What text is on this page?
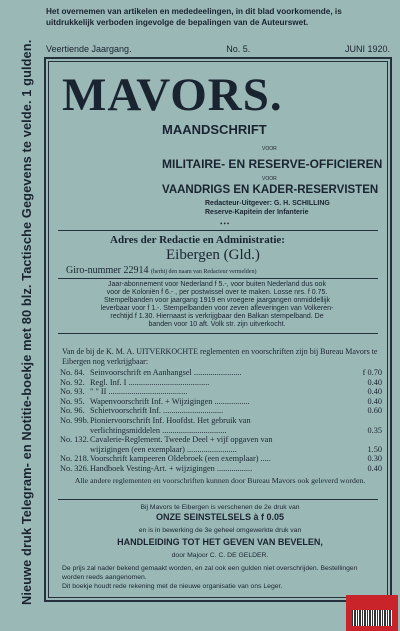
Het overnemen van artikelen en mededeelingen, in dit blad voorkomende, is uitdrukkelijk verboden ingevolge de bepalingen van de Auteurswet.
Veertiende Jaargang.	No. 5.	JUNI 1920.
Nieuwe druk Telegram- en Notitie-boekje met 80 blz. Tactische Gegevens te velde. 1 gulden. MAVORS.
MAANDSCHRIFT
VOOR
MILITAIRE- EN RESERVE-OFFICIEREN
VOOR
VAANDRIGS EN KADER-RESERVISTEN
Redacteur-Uitgever: G. H. SCHILLING
Reserve-Kapitein der Infanterie
•••
Adres der Redactie en Administratie:
Eibergen (Gld.)
Giro-nummer 22914 (herhij den naam van Redacteur vermelden)
Jaar-abonnement voor Nederland f 5.-, voor buiten Nederland dus ook
voor de Koloniën f 6.- , per postwissel over te maken. Losse nrs. f 0.75.
Stempelbanden voor jaargang 1919 en vroegere jaargangen onmiddellijk
leverbaar voor f 1.-. Stempelbanden voor zeven afleveringen van Volkeren-
rechtijd f 1.30. Hiernaast is verkrijgbaar den Balkan stempelband. De
banden voor 10 aft. Volk str. zijn uitverkocht.
Van de bij de K. M. A. UITVERKOCHTE reglementen en voorschriften zijn bij Bureau Mavors te Eibergen nog verkrijgbaar:
No. 84. Seinvoorschrift en Aanhangsel .......................	f 0.70
No. 92. Regl. Inf. I .......................................	0.40
No. 93. " " II ......................................	0.40
No. 95. Wapenvoorschrift Inf. + Wijzigingen .................	0.40
No. 96. Schietvoorschrift Inf. .............................	0.60
No. 99b. Pioniervoorschrift Inf. Hoofdst. Het gebruik van
verlichtingsmiddelen ...............................	0.35
No. 132. Cavalerie-Reglement. Tweede Deel + vijf opgaven van
wijzigingen (een exemplaar) ........................	1.50
No. 218. Voorschrift kampeeren Oldebroek (een exemplaar) .....	0.30
No. 326. Handboek Vesting-Art. + wijzigingen .................	0.40
Alle andere reglementen en voorschriften kunnen door Bureau Mavors ook geleverd worden.
Bij Mavors te Eibergen is verschenen de 2e druk van
ONZE SEINSTELSELS à f 0.05
en is in bewerking de 3e geheel omgewerkte druk van
HANDLEIDING TOT HET GEVEN VAN BEVELEN,
door Majoor C. C. DE GELDER.
De prijs zal nader bekend gemaakt worden, en zal ook een gulden niet overschrijden. Bestellingen worden reeds aangenomen.
Dit boekje houdt rede rekening met de nieuwe organisatie van ons Leger.
